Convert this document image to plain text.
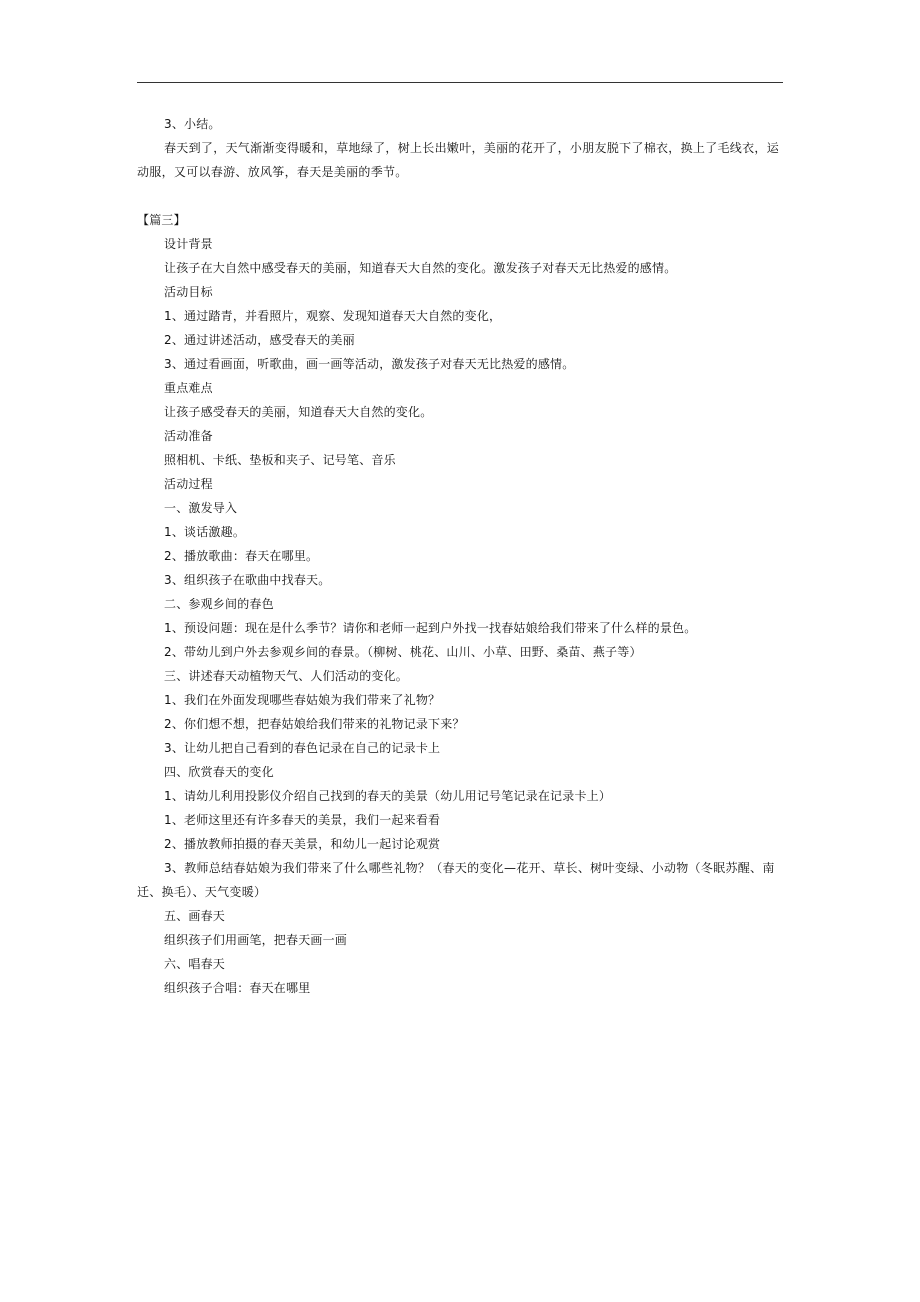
3、小结。
春天到了，天气渐渐变得暖和，草地绿了，树上长出嫩叶，美丽的花开了，小朋友脱下了棉衣，换上了毛线衣，运动服，又可以春游、放风筝，春天是美丽的季节。
【篇三】
设计背景
让孩子在大自然中感受春天的美丽，知道春天大自然的变化。激发孩子对春天无比热爱的感情。
活动目标
1、通过踏青，并看照片，观察、发现知道春天大自然的变化，
2、通过讲述活动，感受春天的美丽
3、通过看画面，听歌曲，画一画等活动，激发孩子对春天无比热爱的感情。
重点难点
让孩子感受春天的美丽，知道春天大自然的变化。
活动准备
照相机、卡纸、垫板和夹子、记号笔、音乐
活动过程
一、激发导入
1、谈话激趣。
2、播放歌曲：春天在哪里。
3、组织孩子在歌曲中找春天。
二、参观乡间的春色
1、预设问题：现在是什么季节？请你和老师一起到户外找一找春姑娘给我们带来了什么样的景色。
2、带幼儿到户外去参观乡间的春景。（柳树、桃花、山川、小草、田野、桑苗、燕子等）
三、讲述春天动植物天气、人们活动的变化。
1、我们在外面发现哪些春姑娘为我们带来了礼物？
2、你们想不想，把春姑娘给我们带来的礼物记录下来？
3、让幼儿把自己看到的春色记录在自己的记录卡上
四、欣赏春天的变化
1、请幼儿利用投影仪介绍自己找到的春天的美景（幼儿用记号笔记录在记录卡上）
1、老师这里还有许多春天的美景，我们一起来看看
2、播放教师拍摄的春天美景，和幼儿一起讨论观赏
3、教师总结春姑娘为我们带来了什么哪些礼物？（春天的变化—花开、草长、树叶变绿、小动物（冬眠苏醒、南迁、换毛）、天气变暖）
五、画春天
组织孩子们用画笔，把春天画一画
六、唱春天
组织孩子合唱：春天在哪里
